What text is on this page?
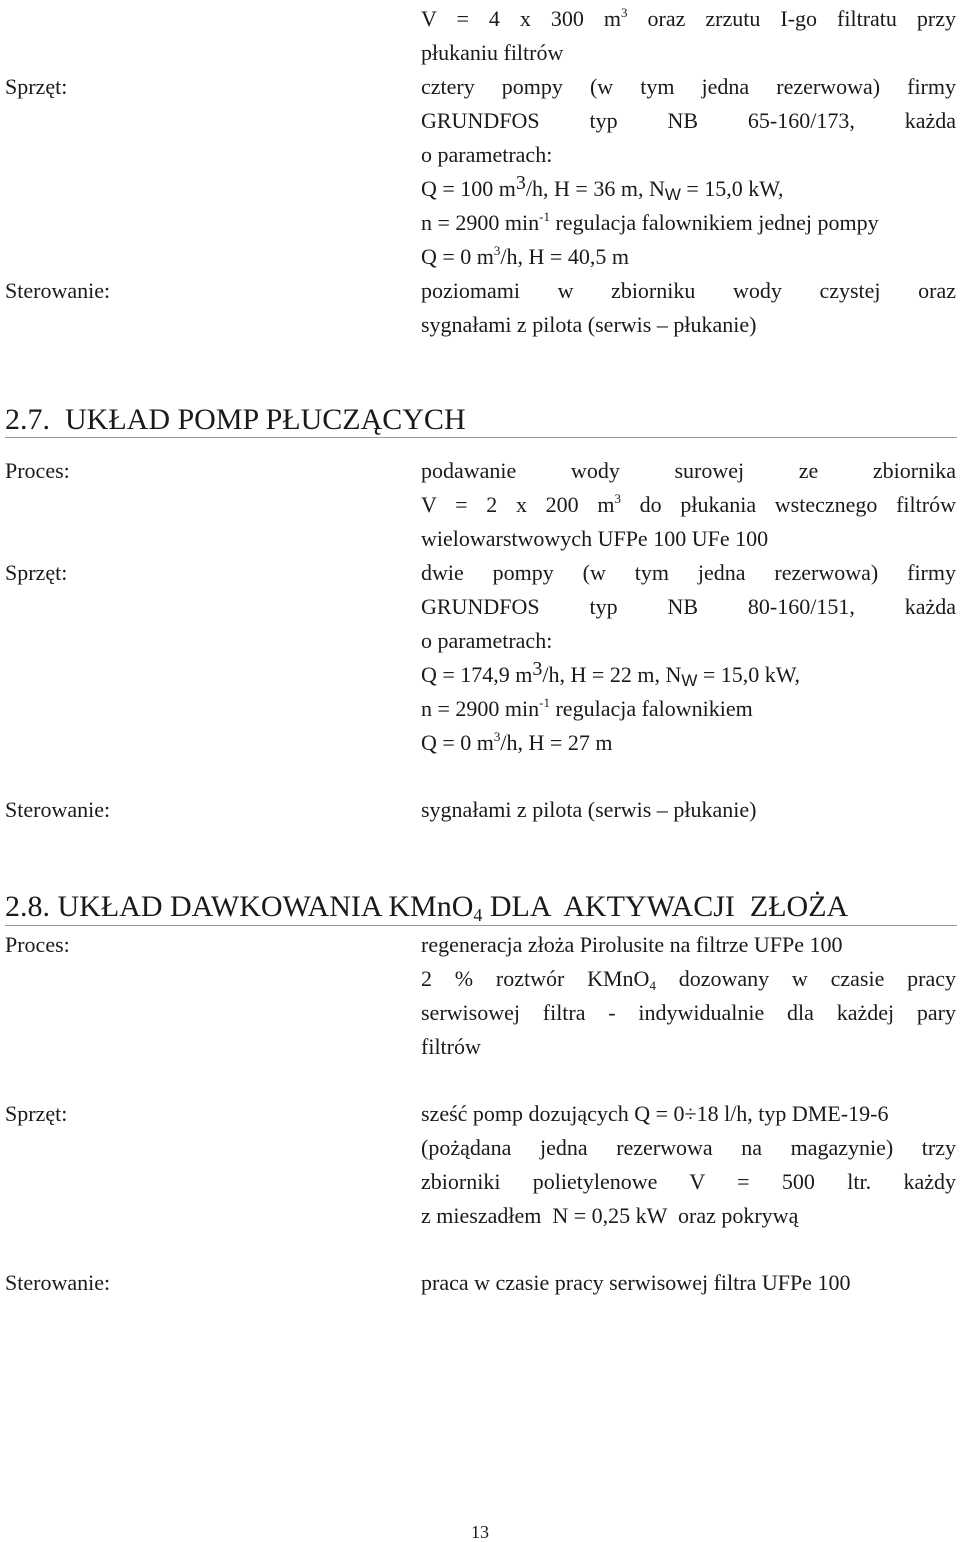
V = 4 x 300 $m^3$ oraz zrzutu I-go filtratu przy
płukaniu filtrów
Sprzęt:	cztery pompy (w tym jedna rezerwowa) firmy
GRUNDFOS typ NB 65-160/173, każda
o parametrach:
Q = 100 $m^3/h$, H = 36 m, $N_W = 15,0$ kW,
n = 2900 $\min^{-1}$ regulacja falownikiem jednej pompy
Q = 0 $m^3/h$, H = 40,5 m
Sterowanie:	poziomami w zbiorniku wody czystej oraz
sygnałami z pilota (serwis – płukanie)
2.7.  UKŁAD POMP PŁUCZĄCYCH
Proces:	podawanie wody surowej ze zbiornika
V = 2 x 200 $m^3$ do płukania wstecznego filtrów
wielowarstwowych UFPe 100 UFe 100
Sprzęt:	dwie pompy (w tym jedna rezerwowa) firmy
GRUNDFOS typ NB 80-160/151, każda
o parametrach:
Q = 174,9 $m^3/h$, H = 22 m, $N_W = 15,0$ kW,
n = 2900 $\min^{-1}$ regulacja falownikiem
Q = 0 $m^3/h$, H = 27 m
Sterowanie:	sygnałami z pilota (serwis – płukanie)
2.8. UKŁAD DAWKOWANIA KMnO$_4$ DLA  AKTYWACJI  ZŁOŻA
Proces:	regeneracja złoża Pirolusite na filtrze UFPe 100
2 % roztwór KMnO$_4$ dozowany w czasie pracy
serwisowej filtra - indywidualnie dla każdej pary
filtrów
Sprzęt:	sześć pomp dozujących Q = 0÷18 l/h, typ DME-19-6
(pożądana jedna rezerwowa na magazynie) trzy
zbiorniki polietylenowe V = 500 ltr. każdy
z mieszadłem  N = 0,25 kW  oraz pokrywą
Sterowanie:	praca w czasie pracy serwisowej filtra UFPe 100
13
